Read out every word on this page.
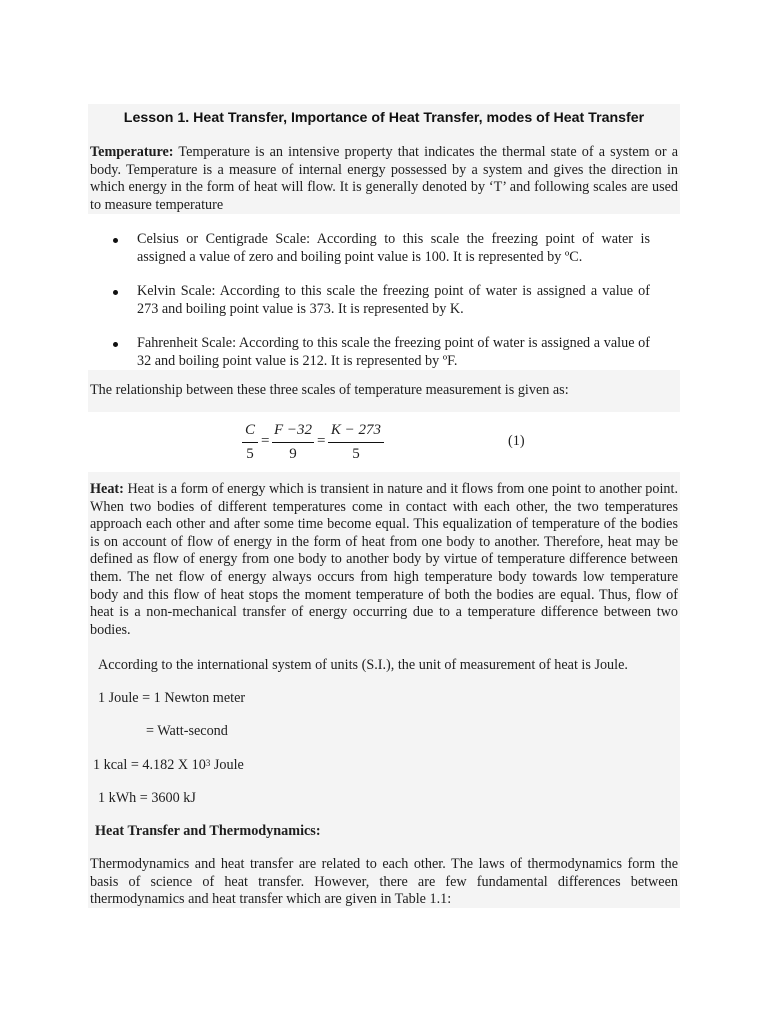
Lesson 1. Heat Transfer, Importance of Heat Transfer, modes of Heat Transfer

Temperature: Temperature is an intensive property that indicates the thermal state of a system or a body. Temperature is a measure of internal energy possessed by a system and gives the direction in which energy in the form of heat will flow. It is generally denoted by ‘T’ and following scales are used to measure temperature

Celsius or Centigrade Scale: According to this scale the freezing point of water is assigned a value of zero and boiling point value is 100. It is represented by ºC.
Kelvin Scale: According to this scale the freezing point of water is assigned a value of 273 and boiling point value is 373. It is represented by K.
Fahrenheit Scale: According to this scale the freezing point of water is assigned a value of 32 and boiling point value is 212. It is represented by ºF.
The relationship between these three scales of temperature measurement is given as:
C
5
=
F −32
9
=
K − 273
5
(1)

Heat: Heat is a form of energy which is transient in nature and it flows from one point to another point. When two bodies of different temperatures come in contact with each other, the two temperatures approach each other and after some time become equal. This equalization of temperature of the bodies is on account of flow of energy in the form of heat from one body to another. Therefore, heat may be defined as flow of energy from one body to another body by virtue of temperature difference between them. The net flow of energy always occurs from high temperature body towards low temperature body and this flow of heat stops the moment temperature of both the bodies are equal. Thus, flow of heat is a non-mechanical transfer of energy occurring due to a temperature difference between two bodies.

According to the international system of units (S.I.), the unit of measurement of heat is Joule.
1 Joule = 1 Newton meter
= Watt-second
1 kcal = 4.182 X $10^3$ Joule
1 kWh = 3600 kJ
Heat Transfer and Thermodynamics:

Thermodynamics and heat transfer are related to each other. The laws of thermodynamics form the basis of science of heat transfer. However, there are few fundamental differences between thermodynamics and heat transfer which are given in Table 1.1:
